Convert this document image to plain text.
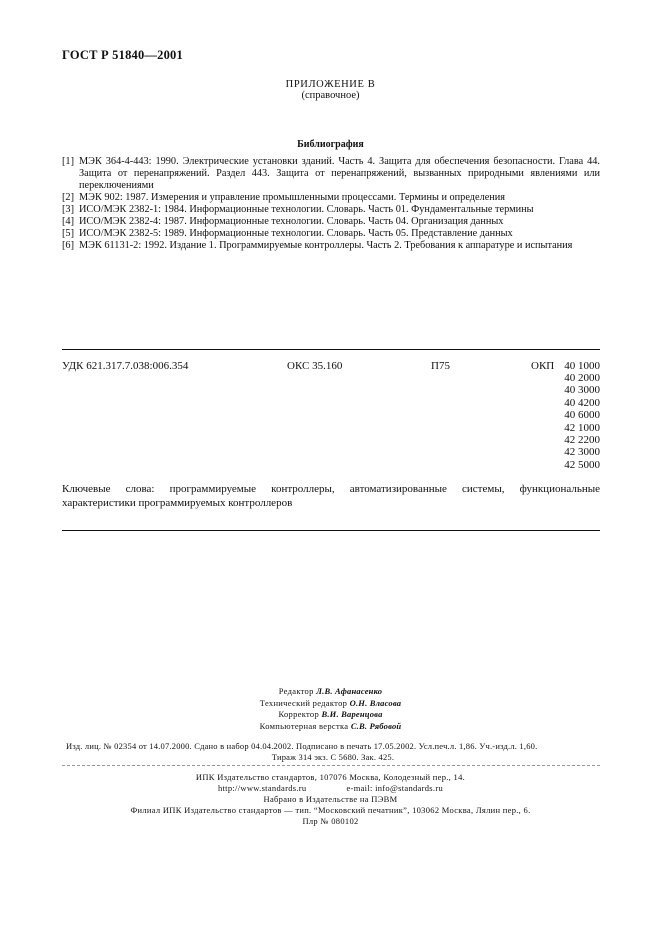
ГОСТ Р 51840—2001
ПРИЛОЖЕНИЕ В
(справочное)
Библиография
[1] МЭК 364-4-443: 1990. Электрические установки зданий. Часть 4. Защита для обеспечения безопасности. Глава 44. Защита от перенапряжений. Раздел 443. Защита от перенапряжений, вызванных природными явлениями или переключениями
[2] МЭК 902: 1987. Измерения и управление промышленными процессами. Термины и определения
[3] ИСО/МЭК 2382-1: 1984. Информационные технологии. Словарь. Часть 01. Фундаментальные термины
[4] ИСО/МЭК 2382-4: 1987. Информационные технологии. Словарь. Часть 04. Организация данных
[5] ИСО/МЭК 2382-5: 1989. Информационные технологии. Словарь. Часть 05. Представление данных
[6] МЭК 61131-2: 1992. Издание 1. Программируемые контроллеры. Часть 2. Требования к аппаратуре и испытания
УДК 621.317.7.038:006.354	ОКС 35.160	П75	ОКП 40 1000
40 2000
40 3000
40 4200
40 6000
42 1000
42 2200
42 3000
42 5000
Ключевые слова: программируемые контроллеры, автоматизированные системы, функциональные характеристики программируемых контроллеров
Редактор Л.В. Афанасенко
Технический редактор О.Н. Власова
Корректор В.И. Варенцова
Компьютерная верстка С.В. Рябовой
Изд. лиц. № 02354 от 14.07.2000. Сдано в набор 04.04.2002. Подписано в печать 17.05.2002. Усл.печ.л. 1,86. Уч.-изд.л. 1,60.
Тираж 314 экз. С 5680. Зак. 425.
ИПК Издательство стандартов, 107076 Москва, Колодезный пер., 14.
http://www.standards.ru	e-mail: info@standards.ru
Набрано в Издательстве на ПЭВМ
Филиал ИПК Издательство стандартов — тип. “Московский печатник”, 103062 Москва, Лялин пер., 6.
Плр № 080102
